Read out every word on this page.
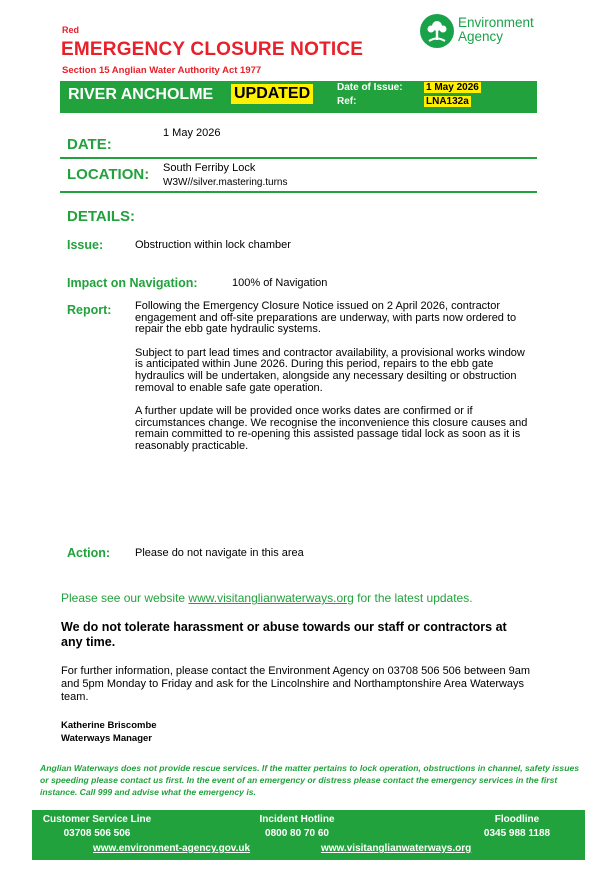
Red
EMERGENCY CLOSURE NOTICE
Section 15 Anglian Water Authority Act 1977
Environment
Agency
RIVER ANCHOLME UPDATED	Date of Issue: 1 May 2026
Ref:	LNA132a
DATE:
1 May 2026
LOCATION: South Ferriby Lock
W3W//silver.mastering.turns
DETAILS:
Issue:	Obstruction within lock chamber
Impact on Navigation:	100% of Navigation
Report: Following the Emergency Closure Notice issued on 2 April 2026, contractor engagement and off-site preparations are underway, with parts now ordered to repair the ebb gate hydraulic systems.

Subject to part lead times and contractor availability, a provisional works window is anticipated within June 2026. During this period, repairs to the ebb gate hydraulics will be undertaken, alongside any necessary desilting or obstruction removal to enable safe gate operation.

A further update will be provided once works dates are confirmed or if circumstances change. We recognise the inconvenience this closure causes and remain committed to re-opening this assisted passage tidal lock as soon as it is reasonably practicable.

Action: Please do not navigate in this area
Please see our website www.visitanglianwaterways.org for the latest updates.
We do not tolerate harassment or abuse towards our staff or contractors at any time.
For further information, please contact the Environment Agency on 03708 506 506 between 9am and 5pm Monday to Friday and ask for the Lincolnshire and Northamptonshire Area Waterways team.
Katherine Briscombe
Waterways Manager
Anglian Waterways does not provide rescue services. If the matter pertains to lock operation, obstructions in channel, safety issues or speeding please contact us first. In the event of an emergency or distress please contact the emergency services in the first instance. Call 999 and advise what the emergency is.
Customer Service Line
03708 506 506
Incident Hotline
0800 80 70 60
Floodline
0345 988 1188
www.environment-agency.gov.uk	www.visitanglianwaterways.org
